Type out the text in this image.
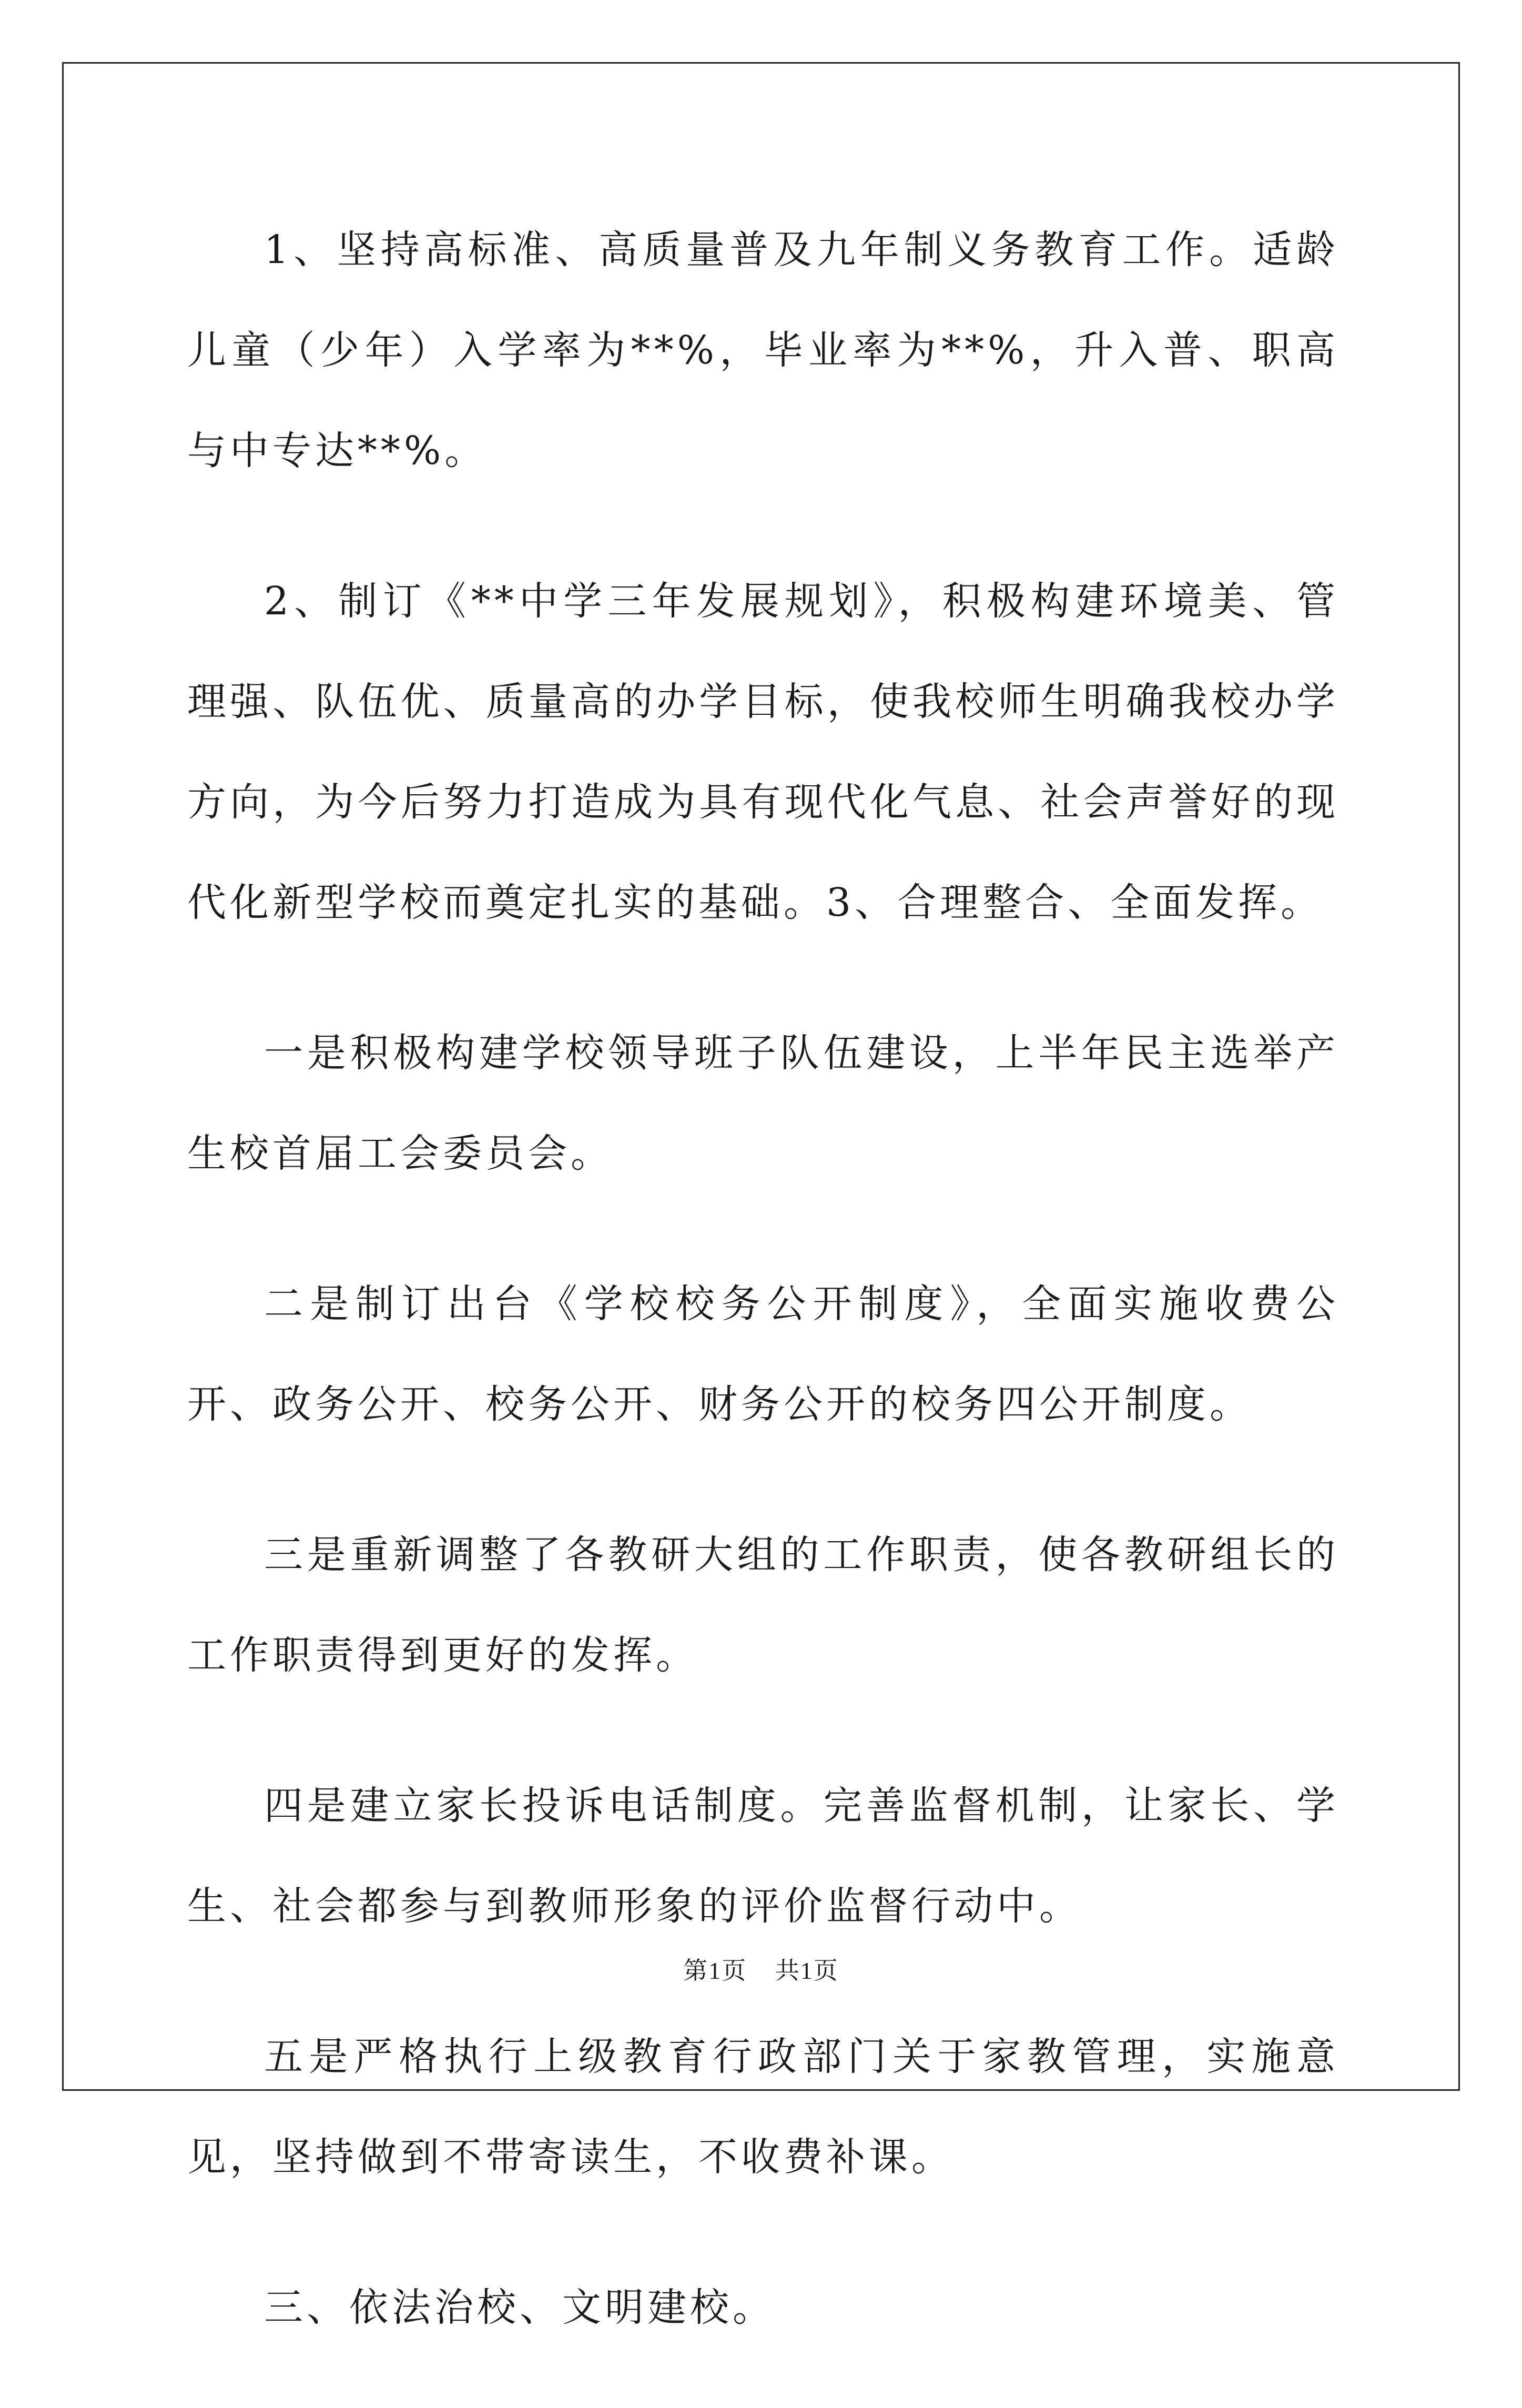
1、坚持高标准、高质量普及九年制义务教育工作。适龄儿童（少年）入学率为**%，毕业率为**%，升入普、职高与中专达**%。

2、制订《**中学三年发展规划》，积极构建环境美、管理强、队伍优、质量高的办学目标，使我校师生明确我校办学方向，为今后努力打造成为具有现代化气息、社会声誉好的现代化新型学校而奠定扎实的基础。3、合理整合、全面发挥。

一是积极构建学校领导班子队伍建设，上半年民主选举产生校首届工会委员会。

二是制订出台《学校校务公开制度》，全面实施收费公开、政务公开、校务公开、财务公开的校务四公开制度。

三是重新调整了各教研大组的工作职责，使各教研组长的工作职责得到更好的发挥。

四是建立家长投诉电话制度。完善监督机制，让家长、学生、社会都参与到教师形象的评价监督行动中。

五是严格执行上级教育行政部门关于家教管理，实施意见，坚持做到不带寄读生，不收费补课。

三、依法治校、文明建校。

第1页 共1页
